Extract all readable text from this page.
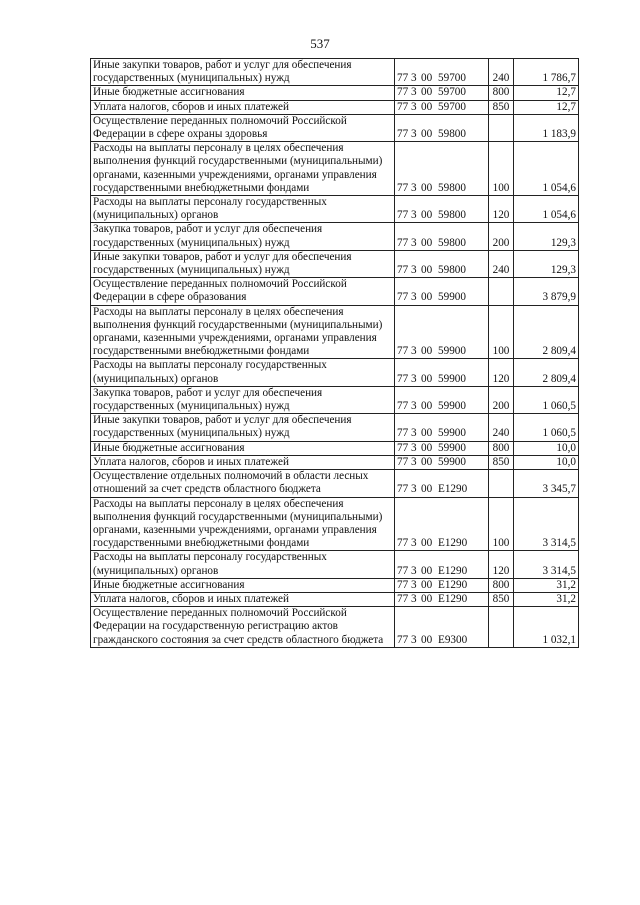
537
Иные закупки товаров, работ и услуг для обеспечения государственных (муниципальных) нужд	77 3 00 59700	240	1 786,7
Иные бюджетные ассигнования	77 3 00 59700	800	12,7
Уплата налогов, сборов и иных платежей	77 3 00 59700	850	12,7
Осуществление переданных полномочий Российской Федерации в сфере охраны здоровья	77 3 00 59800		1 183,9
Расходы на выплаты персоналу в целях обеспечения выполнения функций государственными (муниципальными) органами, казенными учреждениями, органами управления государственными внебюджетными фондами	77 3 00 59800	100	1 054,6
Расходы на выплаты персоналу государственных (муниципальных) органов	77 3 00 59800	120	1 054,6
Закупка товаров, работ и услуг для обеспечения государственных (муниципальных) нужд	77 3 00 59800	200	129,3
Иные закупки товаров, работ и услуг для обеспечения государственных (муниципальных) нужд	77 3 00 59800	240	129,3
Осуществление переданных полномочий Российской Федерации в сфере образования	77 3 00 59900		3 879,9
Расходы на выплаты персоналу в целях обеспечения выполнения функций государственными (муниципальными) органами, казенными учреждениями, органами управления государственными внебюджетными фондами	77 3 00 59900	100	2 809,4
Расходы на выплаты персоналу государственных (муниципальных) органов	77 3 00 59900	120	2 809,4
Закупка товаров, работ и услуг для обеспечения государственных (муниципальных) нужд	77 3 00 59900	200	1 060,5
Иные закупки товаров, работ и услуг для обеспечения государственных (муниципальных) нужд	77 3 00 59900	240	1 060,5
Иные бюджетные ассигнования	77 3 00 59900	800	10,0
Уплата налогов, сборов и иных платежей	77 3 00 59900	850	10,0
Осуществление отдельных полномочий в области лесных отношений за счет средств областного бюджета	77 3 00 Е1290		3 345,7
Расходы на выплаты персоналу в целях обеспечения выполнения функций государственными (муниципальными) органами, казенными учреждениями, органами управления государственными внебюджетными фондами	77 3 00 Е1290	100	3 314,5
Расходы на выплаты персоналу государственных (муниципальных) органов	77 3 00 Е1290	120	3 314,5
Иные бюджетные ассигнования	77 3 00 Е1290	800	31,2
Уплата налогов, сборов и иных платежей	77 3 00 Е1290	850	31,2
Осуществление переданных полномочий Российской Федерации на государственную регистрацию актов гражданского состояния за счет средств областного бюджета	77 3 00 Е9300		1 032,1
